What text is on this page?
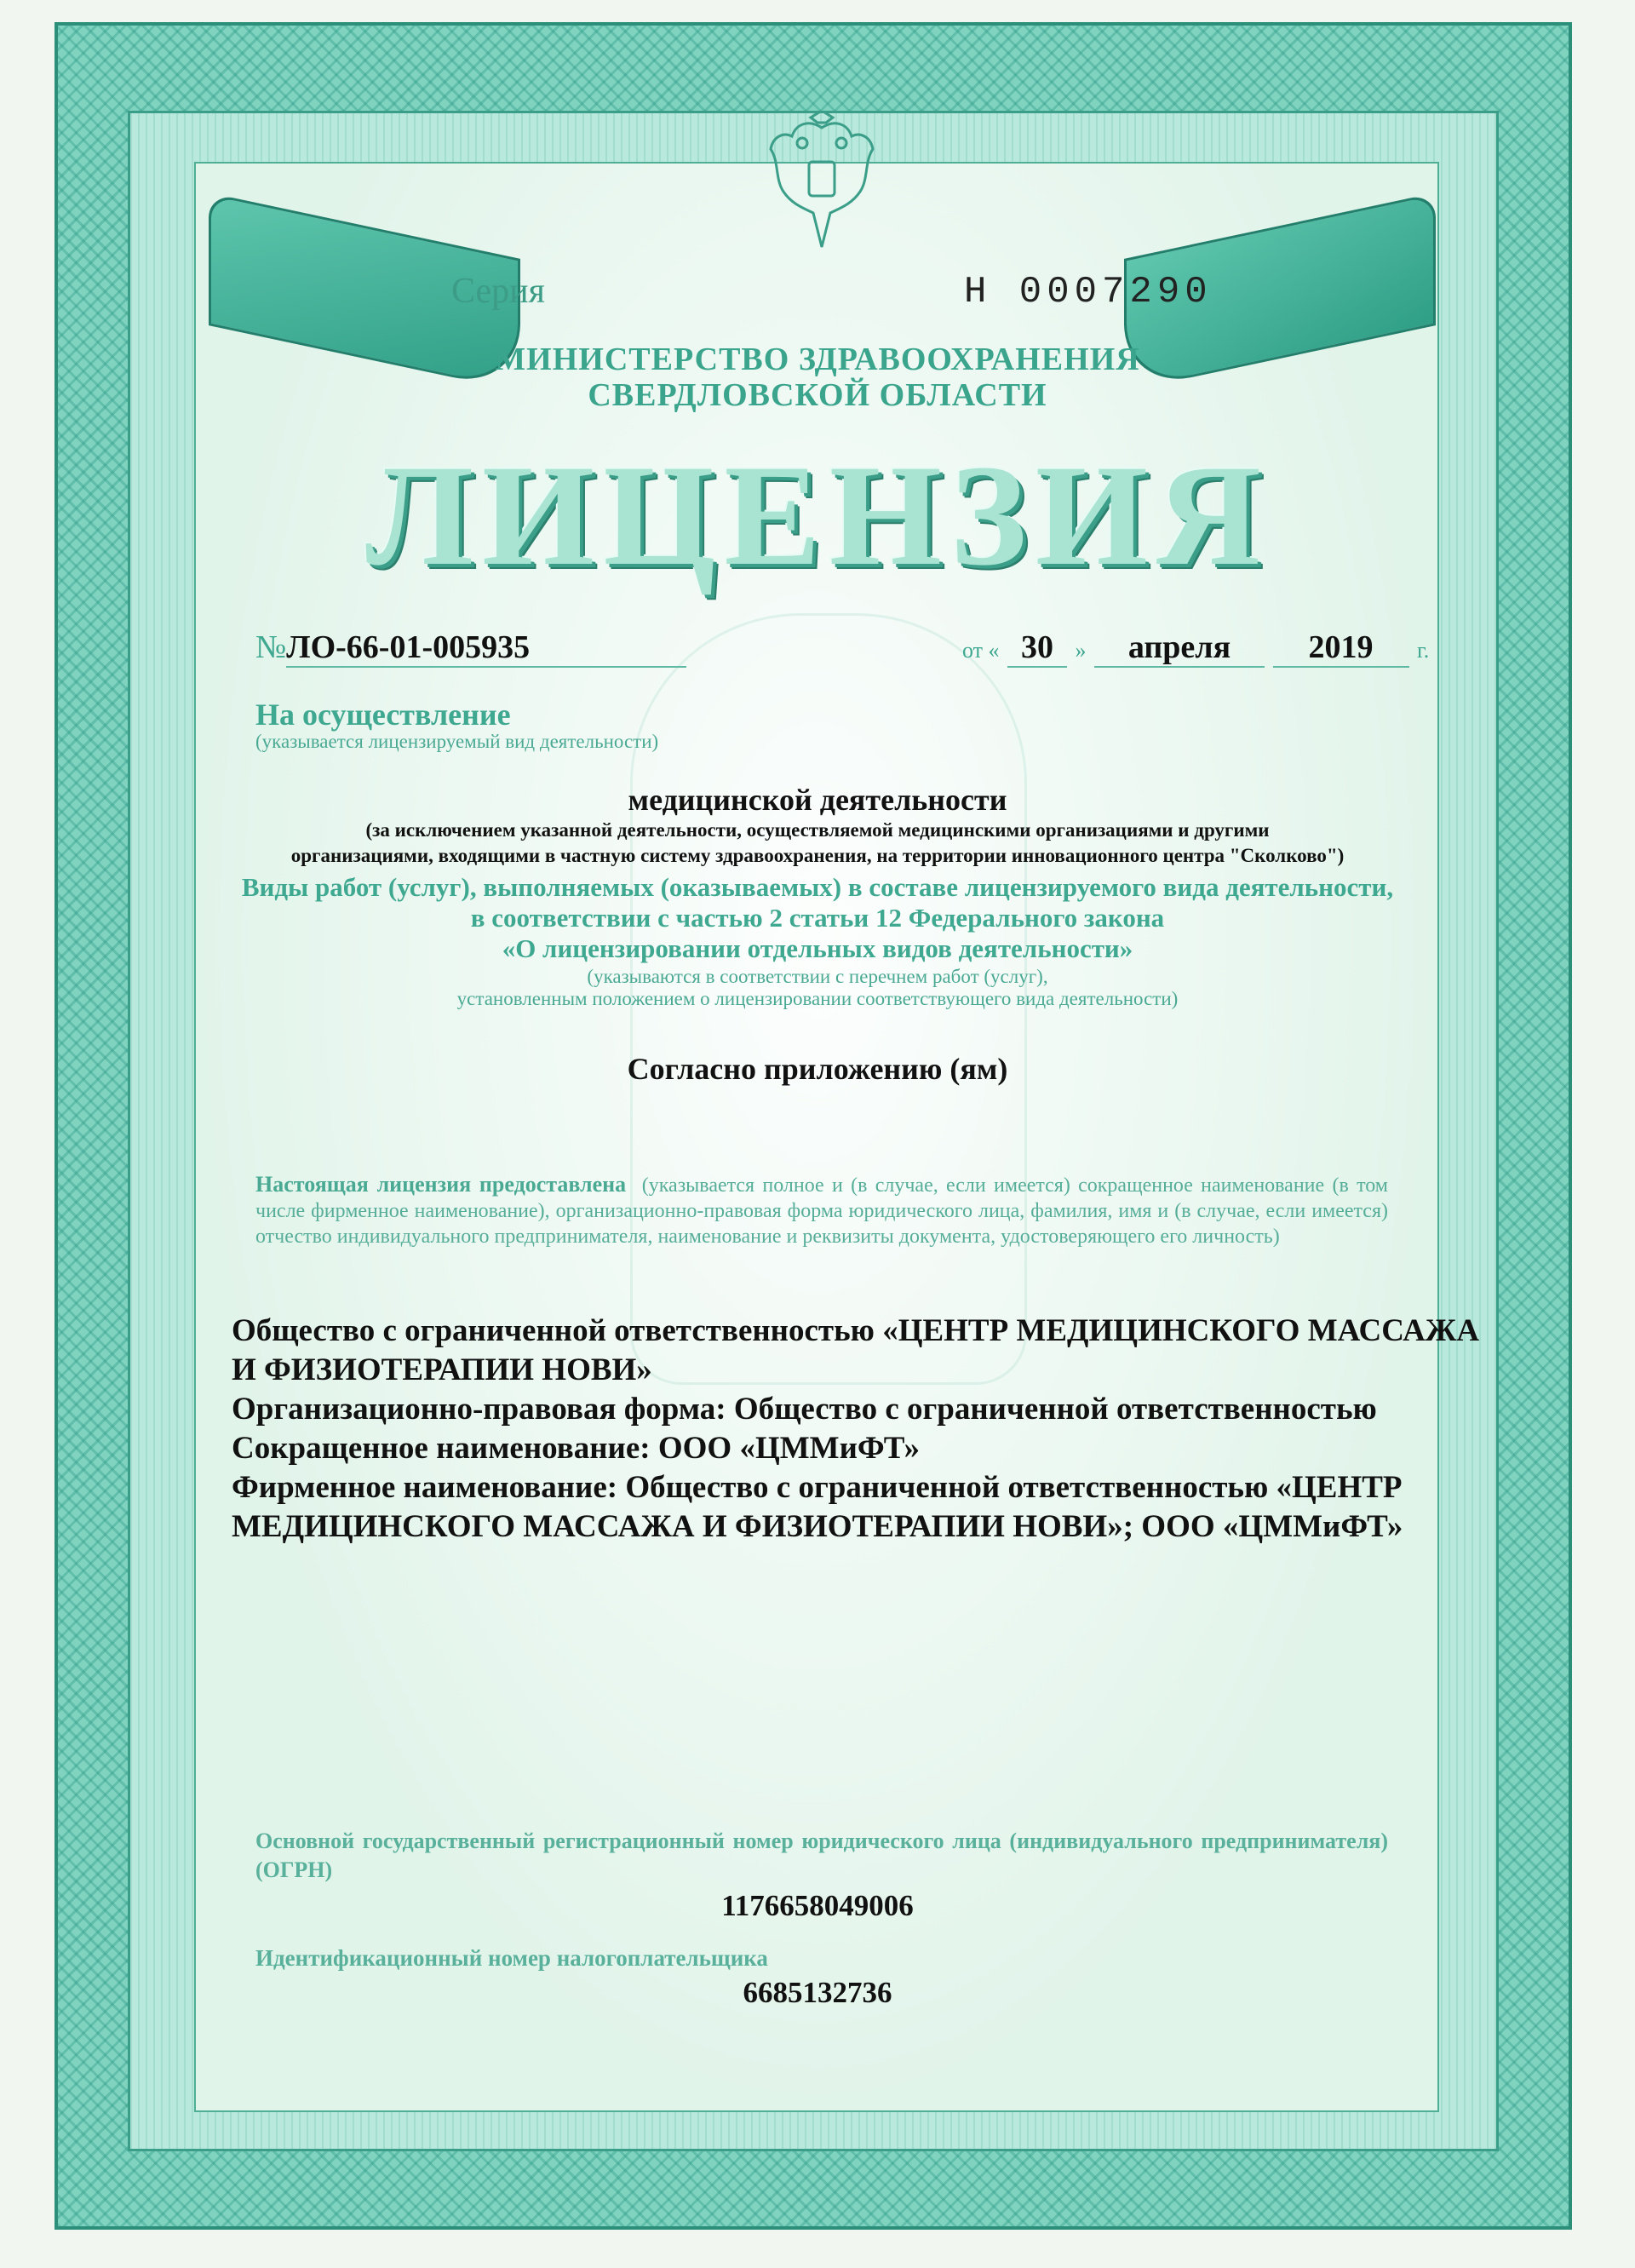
Серия	Н 0007290

МИНИСТЕРСТВО ЗДРАВООХРАНЕНИЯ

СВЕРДЛОВСКОЙ ОБЛАСТИ

ЛИЦЕНЗИЯ

№ЛО-66-01-005935	от « 30 » апреля 2019 г.

На осуществление

(указывается лицензируемый вид деятельности)

медицинской деятельности

(за исключением указанной деятельности, осуществляемой медицинскими организациями и другими

организациями, входящими в частную систему здравоохранения, на территории инновационного центра "Сколково")

Виды работ (услуг), выполняемых (оказываемых) в составе лицензируемого вида деятельности,

в соответствии с частью 2 статьи 12 Федерального закона

«О лицензировании отдельных видов деятельности»

(указываются в соответствии с перечнем работ (услуг),

установленным положением о лицензировании соответствующего вида деятельности)

Согласно приложению (ям)

Настоящая лицензия предоставлена (указывается полное и (в случае, если имеется) сокращенное наименование (в том числе фирменное наименование), организационно-правовая форма юридического лица, фамилия, имя и (в случае, если имеется) отчество индивидуального предпринимателя, наименование и реквизиты документа, удостоверяющего его личность)

Общество с ограниченной ответственностью «ЦЕНТР МЕДИЦИНСКОГО МАССАЖА

И ФИЗИОТЕРАПИИ НОВИ»

Организационно-правовая форма: Общество с ограниченной ответственностью

Сокращенное наименование: ООО «ЦММиФТ»

Фирменное наименование: Общество с ограниченной ответственностью «ЦЕНТР

МЕДИЦИНСКОГО МАССАЖА И ФИЗИОТЕРАПИИ НОВИ»; ООО «ЦММиФТ»

Основной государственный регистрационный номер юридического лица (индивидуального предпринимателя) (ОГРН)

1176658049006

Идентификационный номер налогоплательщика

6685132736
